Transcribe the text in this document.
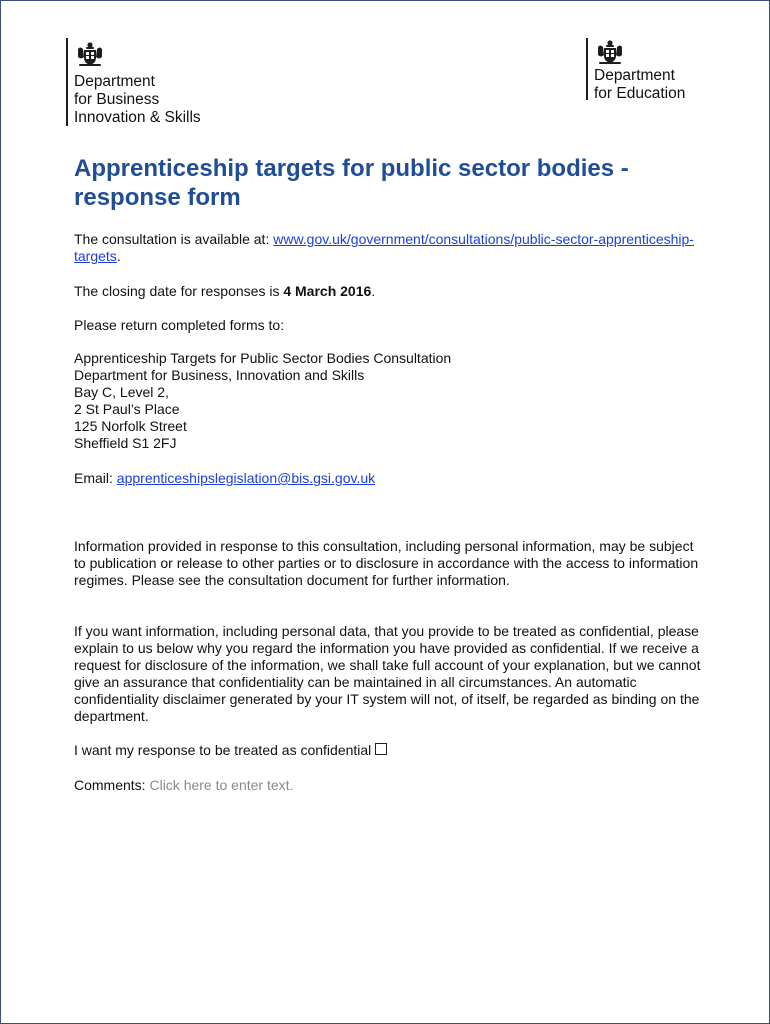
Department
for Business
Innovation & Skills
Department
for Education
Apprenticeship targets for public sector bodies - response form

The consultation is available at: www.gov.uk/government/consultations/public-sector-apprenticeship-targets.

The closing date for responses is 4 March 2016.

Please return completed forms to:

Apprenticeship Targets for Public Sector Bodies Consultation
Department for Business, Innovation and Skills
Bay C, Level 2,
2 St Paul’s Place
125 Norfolk Street
Sheffield S1 2FJ

Email: apprenticeshipslegislation@bis.gsi.gov.uk

Information provided in response to this consultation, including personal information, may be subject to publication or release to other parties or to disclosure in accordance with the access to information regimes. Please see the consultation document for further information.

If you want information, including personal data, that you provide to be treated as confidential, please explain to us below why you regard the information you have provided as confidential. If we receive a request for disclosure of the information, we shall take full account of your explanation, but we cannot give an assurance that confidentiality can be maintained in all circumstances. An automatic confidentiality disclaimer generated by your IT system will not, of itself, be regarded as binding on the department.

I want my response to be treated as confidential

Comments: Click here to enter text.
